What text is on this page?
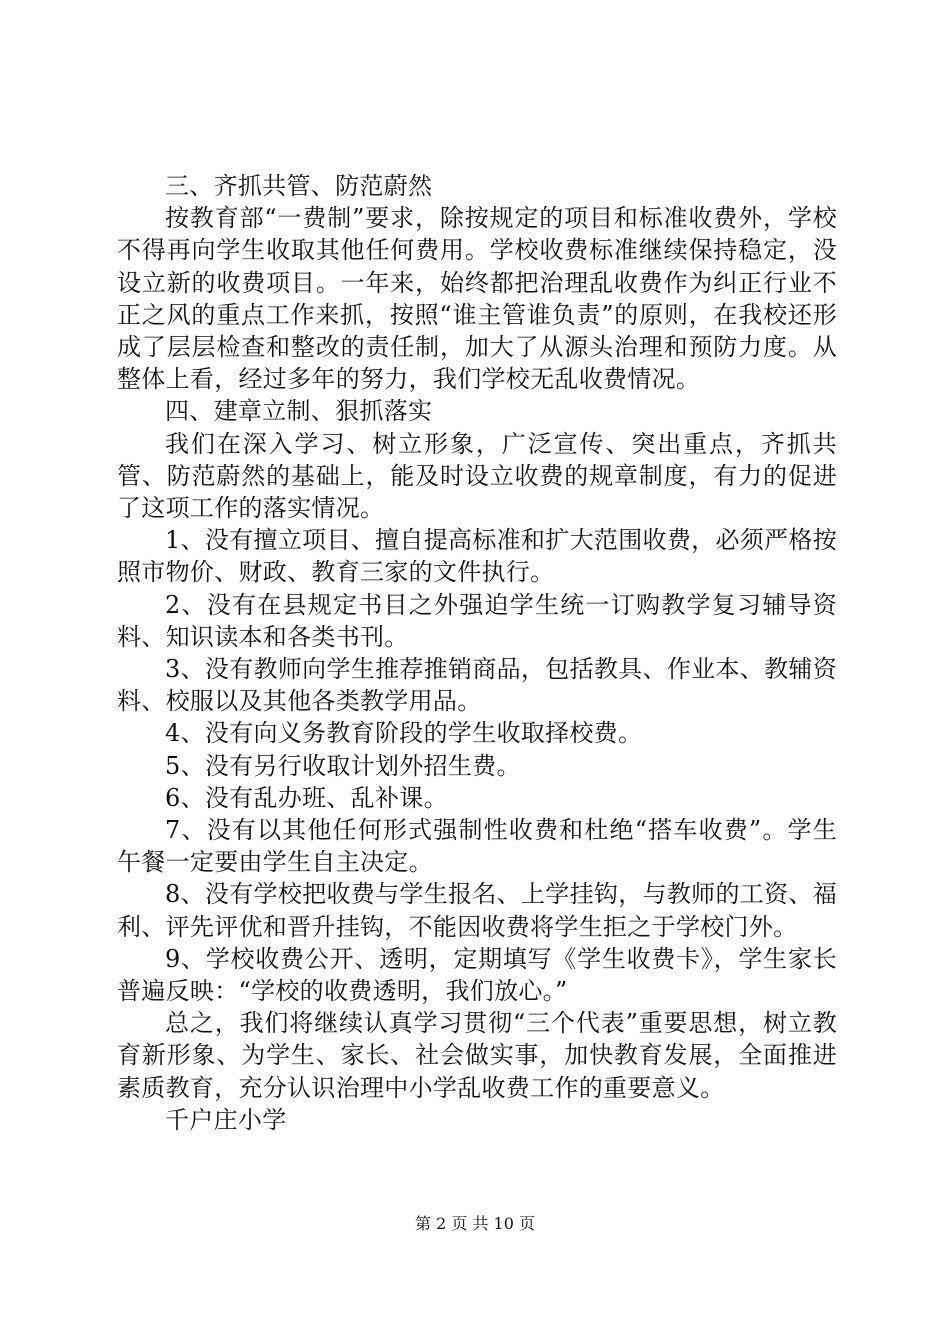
三、齐抓共管、防范蔚然

按教育部“一费制”要求，除按规定的项目和标准收费外，学校不得再向学生收取其他任何费用。学校收费标准继续保持稳定，没设立新的收费项目。一年来，始终都把治理乱收费作为纠正行业不正之风的重点工作来抓，按照“谁主管谁负责”的原则，在我校还形成了层层检查和整改的责任制，加大了从源头治理和预防力度。从整体上看，经过多年的努力，我们学校无乱收费情况。

四、建章立制、狠抓落实

我们在深入学习、树立形象，广泛宣传、突出重点，齐抓共管、防范蔚然的基础上，能及时设立收费的规章制度，有力的促进了这项工作的落实情况。

1、没有擅立项目、擅自提高标准和扩大范围收费，必须严格按照市物价、财政、教育三家的文件执行。

2、没有在县规定书目之外强迫学生统一订购教学复习辅导资料、知识读本和各类书刊。

3、没有教师向学生推荐推销商品，包括教具、作业本、教辅资料、校服以及其他各类教学用品。

4、没有向义务教育阶段的学生收取择校费。

5、没有另行收取计划外招生费。

6、没有乱办班、乱补课。

7、没有以其他任何形式强制性收费和杜绝“搭车收费”。学生午餐一定要由学生自主决定。

8、没有学校把收费与学生报名、上学挂钩，与教师的工资、福利、评先评优和晋升挂钩，不能因收费将学生拒之于学校门外。

9、学校收费公开、透明，定期填写《学生收费卡》，学生家长普遍反映：“学校的收费透明，我们放心。”

总之，我们将继续认真学习贯彻“三个代表”重要思想，树立教育新形象、为学生、家长、社会做实事，加快教育发展，全面推进素质教育，充分认识治理中小学乱收费工作的重要意义。

千户庄小学

第 2 页 共 10 页
